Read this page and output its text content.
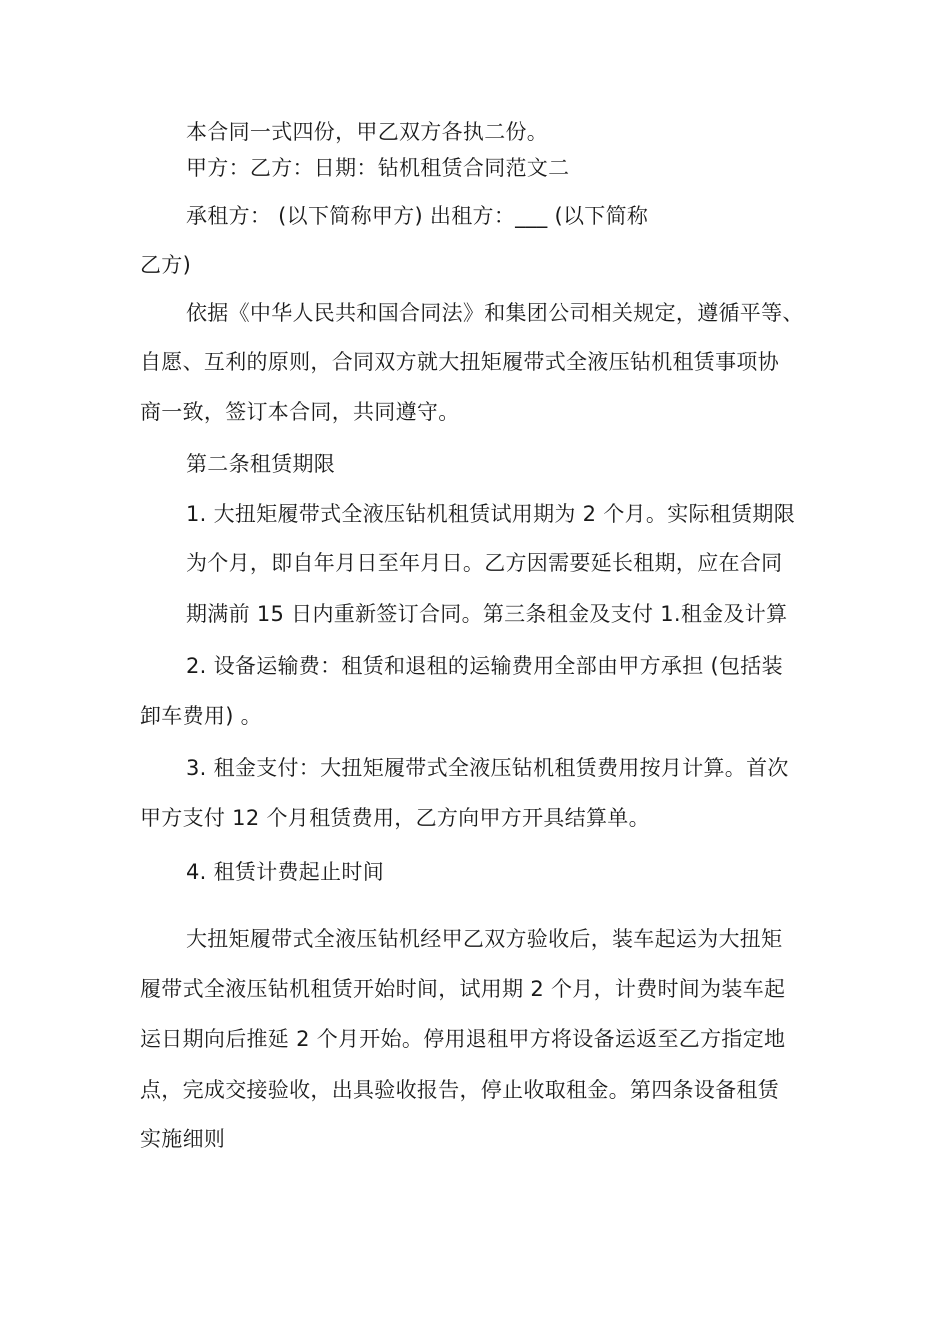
本合同一式四份，甲乙双方各执二份。
甲方：乙方：日期：钻机租赁合同范文二
承租方： (以下简称甲方) 出租方：___ (以下简称
乙方)
依据《中华人民共和国合同法》和集团公司相关规定，遵循平等、
自愿、互利的原则，合同双方就大扭矩履带式全液压钻机租赁事项协
商一致，签订本合同，共同遵守。
第二条租赁期限
1. 大扭矩履带式全液压钻机租赁试用期为 2 个月。实际租赁期限
为个月，即自年月日至年月日。乙方因需要延长租期，应在合同
期满前 15 日内重新签订合同。第三条租金及支付 1.租金及计算
2. 设备运输费：租赁和退租的运输费用全部由甲方承担 (包括装
卸车费用) 。
3. 租金支付：大扭矩履带式全液压钻机租赁费用按月计算。首次
甲方支付 12 个月租赁费用，乙方向甲方开具结算单。
4. 租赁计费起止时间
大扭矩履带式全液压钻机经甲乙双方验收后，装车起运为大扭矩
履带式全液压钻机租赁开始时间，试用期 2 个月，计费时间为装车起
运日期向后推延 2 个月开始。停用退租甲方将设备运返至乙方指定地
点，完成交接验收，出具验收报告，停止收取租金。第四条设备租赁
实施细则
